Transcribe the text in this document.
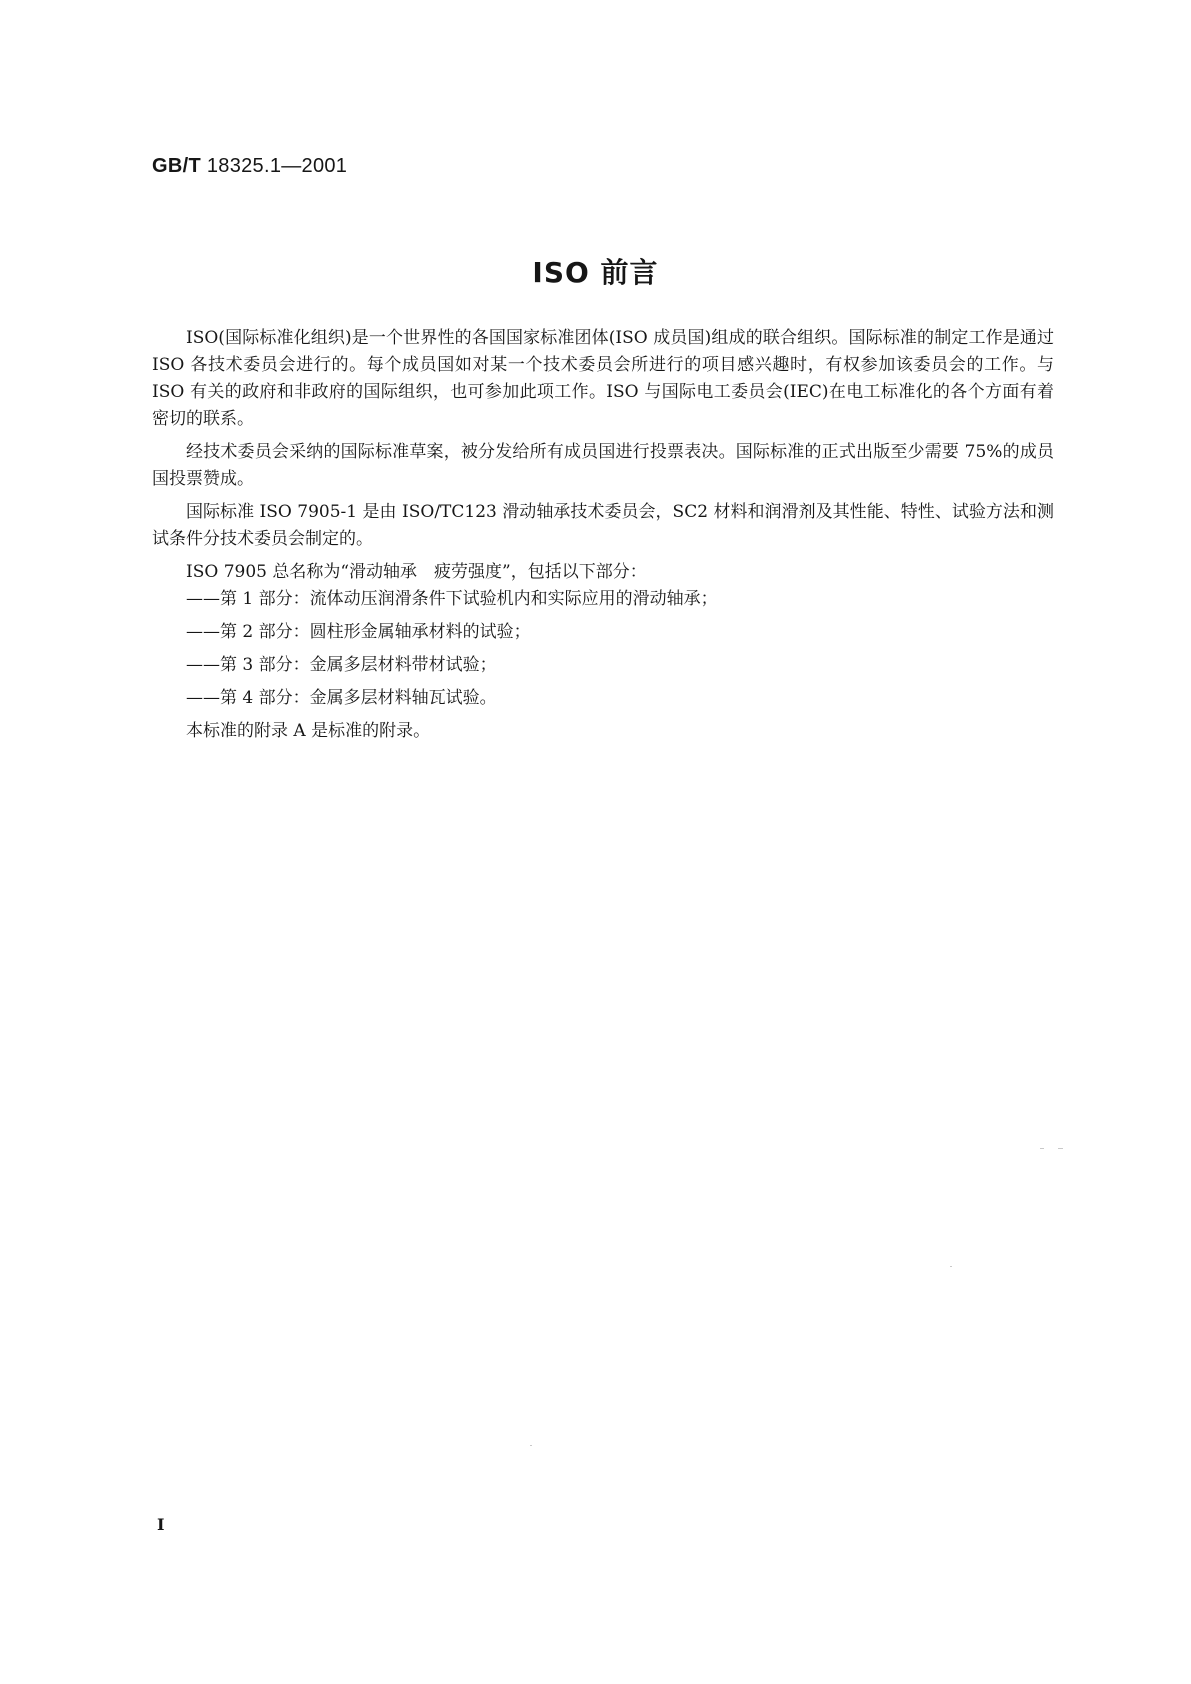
GB/T 18325.1—2001
ISO 前言

ISO(国际标准化组织)是一个世界性的各国国家标准团体(ISO 成员国)组成的联合组织。国际标准的制定工作是通过 ISO 各技术委员会进行的。每个成员国如对某一个技术委员会所进行的项目感兴趣时，有权参加该委员会的工作。与 ISO 有关的政府和非政府的国际组织，也可参加此项工作。ISO 与国际电工委员会(IEC)在电工标准化的各个方面有着密切的联系。

经技术委员会采纳的国际标准草案，被分发给所有成员国进行投票表决。国际标准的正式出版至少需要 75%的成员国投票赞成。

国际标准 ISO 7905-1 是由 ISO/TC123 滑动轴承技术委员会，SC2 材料和润滑剂及其性能、特性、试验方法和测试条件分技术委员会制定的。

ISO 7905 总名称为“滑动轴承　疲劳强度”，包括以下部分：

——第 1 部分：流体动压润滑条件下试验机内和实际应用的滑动轴承；
——第 2 部分：圆柱形金属轴承材料的试验；
——第 3 部分：金属多层材料带材试验；
——第 4 部分：金属多层材料轴瓦试验。
本标准的附录 A 是标准的附录。
I
